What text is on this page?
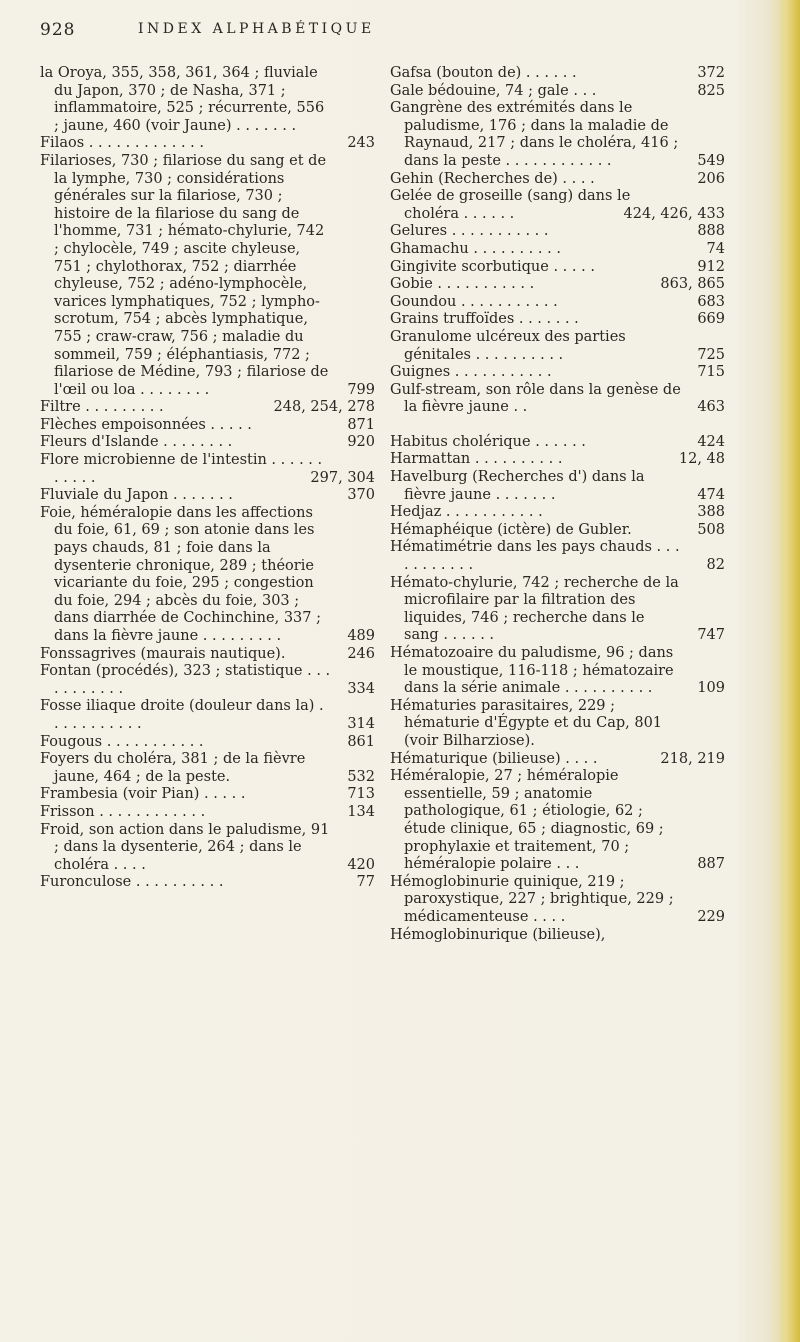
928	INDEX ALPHABÉTIQUE
la Oroya, 355, 358, 361, 364 ; fluviale du Japon, 370 ; de Nasha, 371 ; inflammatoire, 525 ; récurrente, 556 ; jaune, 460 (voir Jaune) . . . . . . .
Filaos . . . . . . . . . . . . .	243
Filarioses, 730 ; filariose du sang et de la lymphe, 730 ; considérations générales sur la filariose, 730 ; histoire de la filariose du sang de l'homme, 731 ; hémato-chylurie, 742 ; chylocèle, 749 ; ascite chyleuse, 751 ; chylothorax, 752 ; diarrhée chyleuse, 752 ; adéno-lymphocèle, varices lymphatiques, 752 ; lympho-scrotum, 754 ; abcès lymphatique, 755 ; craw-craw, 756 ; maladie du sommeil, 759 ; éléphantiasis, 772 ; filariose de Médine, 793 ; filariose de l'œil ou loa . . . . . . . .	799
Filtre . . . . . . . . .	248, 254, 278
Flèches empoisonnées . . . . .	871
Fleurs d'Islande . . . . . . . .	920
Flore microbienne de l'intestin . . . . . . . . . . .	297, 304
Fluviale du Japon . . . . . . .	370
Foie, héméralopie dans les affections du foie, 61, 69 ; son atonie dans les pays chauds, 81 ; foie dans la dysenterie chronique, 289 ; théorie vicariante du foie, 295 ; congestion du foie, 294 ; abcès du foie, 303 ; dans diarrhée de Cochinchine, 337 ; dans la fièvre jaune . . . . . . . . .	489
Fonssagrives (maurais nautique).	246
Fontan (procédés), 323 ; statistique . . . . . . . . . . .	334
Fosse iliaque droite (douleur dans la) . . . . . . . . . . .	314
Fougous . . . . . . . . . . .	861
Foyers du choléra, 381 ; de la fièvre jaune, 464 ; de la peste.	532
Frambesia (voir Pian) . . . . .	713
Frisson . . . . . . . . . . . .	134
Froid, son action dans le paludisme, 91 ; dans la dysenterie, 264 ; dans le choléra . . . .	420
Furonculose . . . . . . . . . .	77
Gafsa (bouton de) . . . . . .	372
Gale bédouine, 74 ; gale . . .	825
Gangrène des extrémités dans le paludisme, 176 ; dans la maladie de Raynaud, 217 ; dans le choléra, 416 ; dans la peste . . . . . . . . . . . .	549
Gehin (Recherches de) . . . .	206
Gelée de groseille (sang) dans le choléra . . . . . .	424, 426, 433
Gelures . . . . . . . . . . .	888
Ghamachu . . . . . . . . . .	74
Gingivite scorbutique . . . . .	912
Gobie . . . . . . . . . . .	863, 865
Goundou . . . . . . . . . . .	683
Grains truffoïdes . . . . . . .	669
Granulome ulcéreux des parties génitales . . . . . . . . . .	725
Guignes . . . . . . . . . . .	715
Gulf-stream, son rôle dans la genèse de la fièvre jaune . .	463
Habitus cholérique . . . . . .	424
Harmattan . . . . . . . . . .	12, 48
Havelburg (Recherches d') dans la fièvre jaune . . . . . . .	474
Hedjaz . . . . . . . . . . .	388
Hémaphéique (ictère) de Gubler.	508
Hématimétrie dans les pays chauds . . . . . . . . . . .	82
Hémato-chylurie, 742 ; recherche de la microfilaire par la filtration des liquides, 746 ; recherche dans le sang . . . . . .	747
Hématozoaire du paludisme, 96 ; dans le moustique, 116-118 ; hématozaire dans la série animale . . . . . . . . . .	109
Hématuries parasitaires, 229 ; hématurie d'Égypte et du Cap, 801 (voir Bilharziose).
Hématurique (bilieuse) . . . .	218, 219
Héméralopie, 27 ; héméralopie essentielle, 59 ; anatomie pathologique, 61 ; étiologie, 62 ; étude clinique, 65 ; diagnostic, 69 ; prophylaxie et traitement, 70 ; héméralopie polaire . . .	887
Hémoglobinurie quinique, 219 ; paroxystique, 227 ; brightique, 229 ; médicamenteuse . . . .	229
Hémoglobinurique (bilieuse),
